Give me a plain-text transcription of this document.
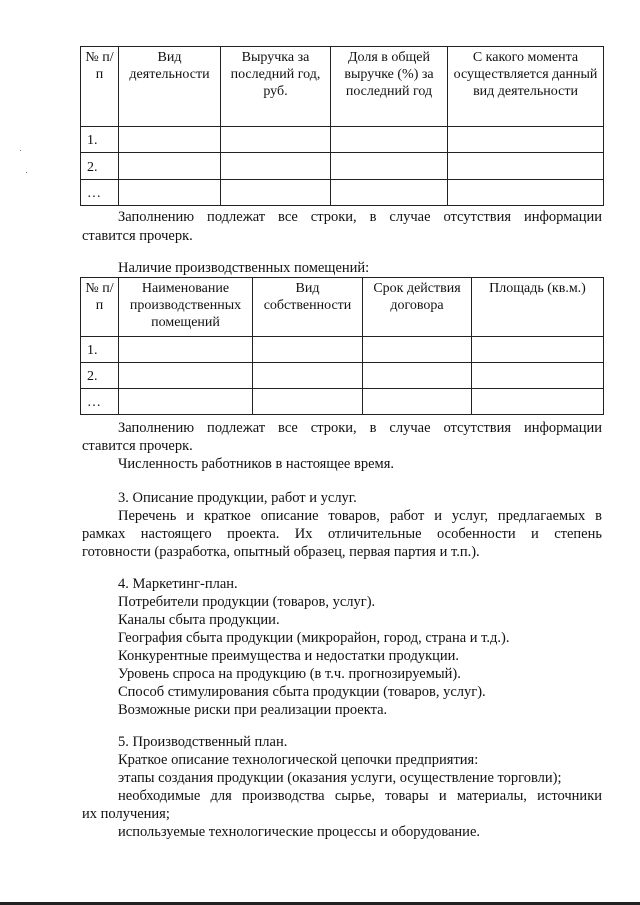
№ п/п	Вид деятельности	Выручка за последний год, руб.	Доля в общей выручке (%) за последний год	С какого момента осуществляется данный вид деятельности
1.				
2.				
…				
Заполнению подлежат все строки, в случае отсутствия информации
ставится прочерк.
Наличие производственных помещений:
№ п/п	Наименование производственных помещений	Вид собственности	Срок действия договора	Площадь (кв.м.)
1.				
2.				
…				
Заполнению подлежат все строки, в случае отсутствия информации
ставится прочерк.
Численность работников в настоящее время.
3. Описание продукции, работ и услуг.
Перечень и краткое описание товаров, работ и услуг, предлагаемых в
рамках настоящего проекта. Их отличительные особенности и степень
готовности (разработка, опытный образец, первая партия и т.п.).
4. Маркетинг-план.
Потребители продукции (товаров, услуг).
Каналы сбыта продукции.
География сбыта продукции (микрорайон, город, страна и т.д.).
Конкурентные преимущества и недостатки продукции.
Уровень спроса на продукцию (в т.ч. прогнозируемый).
Способ стимулирования сбыта продукции (товаров, услуг).
Возможные риски при реализации проекта.
5. Производственный план.
Краткое описание технологической цепочки предприятия:
этапы создания продукции (оказания услуги, осуществление торговли);
необходимые для производства сырье, товары и материалы, источники
их получения;
используемые технологические процессы и оборудование.
